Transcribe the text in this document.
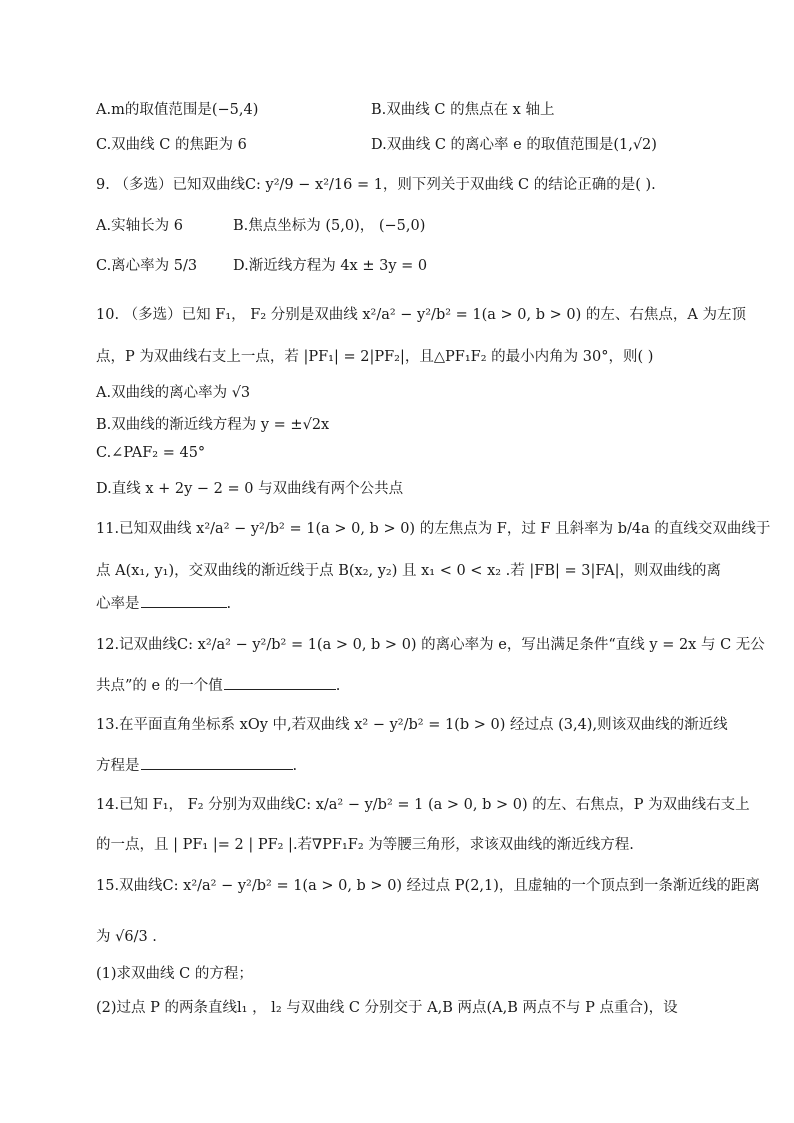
A.m的取值范围是(−5,4)	B.双曲线 C 的焦点在 x 轴上
C.双曲线 C 的焦距为 6	D.双曲线 C 的离心率 e 的取值范围是(1,√2)
9. （多选）已知双曲线C: y²/9 − x²/16 = 1，则下列关于双曲线 C 的结论正确的是( ).
A.实轴长为 6	B.焦点坐标为 (5,0)， (−5,0)
C.离心率为 5/3 D.渐近线方程为 4x ± 3y = 0
10. （多选）已知 F₁， F₂ 分别是双曲线 x²/a² − y²/b² = 1(a > 0, b > 0) 的左、右焦点，A 为左顶
点，P 为双曲线右支上一点，若 |PF₁| = 2|PF₂|，且△PF₁F₂ 的最小内角为 30°，则( )
A.双曲线的离心率为 √3
B.双曲线的渐近线方程为 y = ±√2x
C.∠PAF₂ = 45°
D.直线 x + 2y − 2 = 0 与双曲线有两个公共点
11.已知双曲线 x²/a² − y²/b² = 1(a > 0, b > 0) 的左焦点为 F，过 F 且斜率为 b/4a 的直线交双曲线于
点 A(x₁, y₁)，交双曲线的渐近线于点 B(x₂, y₂) 且 x₁ < 0 < x₂ .若 |FB| = 3|FA|，则双曲线的离
心率是	.
12.记双曲线C: x²/a² − y²/b² = 1(a > 0, b > 0) 的离心率为 e，写出满足条件“直线 y = 2x 与 C 无公
共点”的 e 的一个值	.
13.在平面直角坐标系 xOy 中,若双曲线 x² − y²/b² = 1(b > 0) 经过点 (3,4),则该双曲线的渐近线
方程是	.
14.已知 F₁， F₂ 分别为双曲线C: x/a² − y/b² = 1 (a > 0, b > 0) 的左、右焦点，P 为双曲线右支上
的一点，且 | PF₁ |= 2 | PF₂ |.若∇PF₁F₂ 为等腰三角形，求该双曲线的渐近线方程.
15.双曲线C: x²/a² − y²/b² = 1(a > 0, b > 0) 经过点 P(2,1)，且虚轴的一个顶点到一条渐近线的距离
为 √6/3 .
(1)求双曲线 C 的方程；
(2)过点 P 的两条直线l₁ ， l₂ 与双曲线 C 分别交于 A,B 两点(A,B 两点不与 P 点重合)，设
